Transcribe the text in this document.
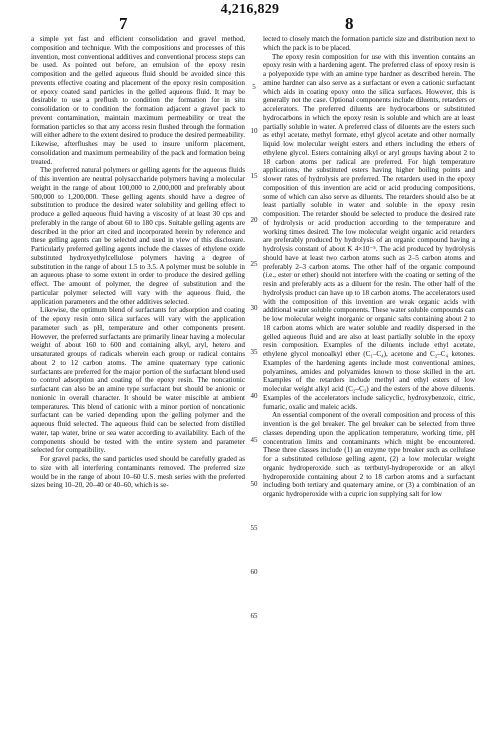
4,216,829
7	8

a simple yet fast and efficient consolidation and gravel method, composition and technique. With the compositions and processes of this invention, most conventional additives and conventional process steps can be used. As pointed out before, an emulsion of the epoxy resin composition and the gelled aqueous fluid should be avoided since this prevents effective coating and placement of the epoxy resin composition or epoxy coated sand particles in the gelled aqueous fluid. It may be desirable to use a preflush to condition the formation for in situ consolidation or to condition the formation adjacent a gravel pack to prevent contamination, maintain maximum permeability or treat the formation particles so that any access resin flushed through the formation will either adhere to the extent desired to produce the desired permeability. Likewise, afterflushes may be used to insure uniform placement, consolidation and maximum permeability of the pack and formation being treated.

The preferred natural polymers or gelling agents for the aqueous fluids of this invention are neutral polysaccharide polymers having a molecular weight in the range of about 100,000 to 2,000,000 and preferably about 500,000 to 1,200,000. These gelling agents should have a degree of substitution to produce the desired water solubility and gelling effect to produce a gelled aqueous fluid having a viscosity of at least 30 cps and preferably in the range of about 60 to 180 cps. Suitable gelling agents are described in the prior art cited and incorporated herein by reference and these gelling agents can be selected and used in view of this disclosure. Particularly preferred gelling agents include the classes of ethylene oxide substituted hydroxyethylcellulose polymers having a degree of substitution in the range of about 1.5 to 3.5. A polymer must be soluble in an aqueous phase to some extent in order to produce the desired gelling effect. The amount of polymer, the degree of substitution and the particular polymer selected will vary with the aqueous fluid, the application parameters and the other additives selected.

Likewise, the optimum blend of surfactants for adsorption and coating of the epoxy resin onto silica surfaces will vary with the application parameter such as pH, temperature and other components present. However, the preferred surfactants are primarily linear having a molecular weight of about 160 to 600 and containing alkyl, aryl, hetero and unsaturated groups of radicals wherein each group or radical contains about 2 to 12 carbon atoms. The amine quaternary type cationic surfactants are preferred for the major portion of the surfactant blend used to control adsorption and coating of the epoxy resin. The noncationic surfactant can also be an amine type surfactant but should be anionic or nonionic in overall character. It should be water miscible at ambient temperatures. This blend of cationic with a minor portion of noncationic surfactant can be varied depending upon the gelling polymer and the aqueous fluid selected. The aqueous fluid can be selected from distilled water, tap water, brine or sea water according to availability. Each of the components should be tested with the entire system and parameter selected for compatibility.

For gravel packs, the sand particles used should be carefully graded as to size with all interfering contaminants removed. The preferred size would be in the range of about 10–60 U.S. mesh series with the preferred sizes being 10–20, 20–40 or 40–60, which is se-

lected to closely match the formation particle size and distribution next to which the pack is to be placed.

The epoxy resin composition for use with this invention contains an epoxy resin with a hardening agent. The preferred class of epoxy resin is a polyepoxide type with an amine type hardner as described herein. The amine hardner can also serve as a surfactant or even a cationic surfactant which aids in coating epoxy onto the silica surfaces. However, this is generally not the case. Optional components include diluents, retarders or accelerators. The preferred diluents are hydrocarbons or substituted hydrocarbons in which the epoxy resin is soluble and which are at least partially soluble in water. A preferred class of diluents are the esters such as ethyl acetate, methyl formate, ethyl glycol acetate and other normally liquid low molecular weight esters and ethers including the ethers of ethylene glycol. Esters containing alkyl or aryl groups having about 2 to 18 carbon atoms per radical are preferred. For high temperature applications, the substituted esters having higher boiling points and slower rates of hydrolysis are preferred. The retarders used in the epoxy composition of this invention are acid or acid producing compositions, some of which can also serve as diluents. The retarders should also be at least partially soluble in water and soluble in the epoxy resin composition. The retarder should be selected to produce the desired rate of hydrolysis or acid production according to the temperature and working times desired. The low molecular weight organic acid retarders are preferably produced by hydrolysis of an organic compound having a hydrolysis constant of about K 4×10⁻⁵. The acid produced by hydrolysis should have at least two carbon atoms such as 2–5 carbon atoms and preferably 2–3 carbon atoms. The other half of the organic compound (i.e., ester or ether) should not interfere with the coating or setting of the resin and preferably acts as a diluent for the resin. The other half of the hydrolysis product can have up to 18 carbon atoms. The accelerators used with the composition of this invention are weak organic acids with additional water soluble components. These water soluble compounds can be low molecular weight inorganic or organic salts containing about 2 to 18 carbon atoms which are water soluble and readily dispersed in the gelled aqueous fluid and are also at least partially soluble in the epoxy resin composition. Examples of the diluents include ethyl acetate, ethylene glycol monoalkyl ether (C₁–C₄), acetone and C₂–C₄ ketones. Examples of the hardening agents include most conventional amines, polyamines, amides and polyamides known to those skilled in the art. Examples of the retarders include methyl and ethyl esters of low molecular weight alkyl acid (C₂–C₃) and the esters of the above diluents. Examples of the accelerators include salicyclic, hydroxybenzoic, citric, fumaric, oxalic and maleic acids.

An essential component of the overall composition and process of this invention is the gel breaker. The gel breaker can be selected from three classes depending upon the application temperature, working time, pH concentration limits and contaminants which might be encountered. These three classes include (1) an enzyme type breaker such as cellulase for a substituted cellulose gelling agent, (2) a low molecular weight organic hydroperoxide such as tertbutyl-hydroperoxide or an alkyl hydroperoxide containing about 2 to 18 carbon atoms and a surfactant including both tertiary and quaternary amine, or (3) a combination of an organic hydroperoxide with a cupric ion supplying salt for low

5
10
15
20
25
30
35
40
45
50
55
60
65
